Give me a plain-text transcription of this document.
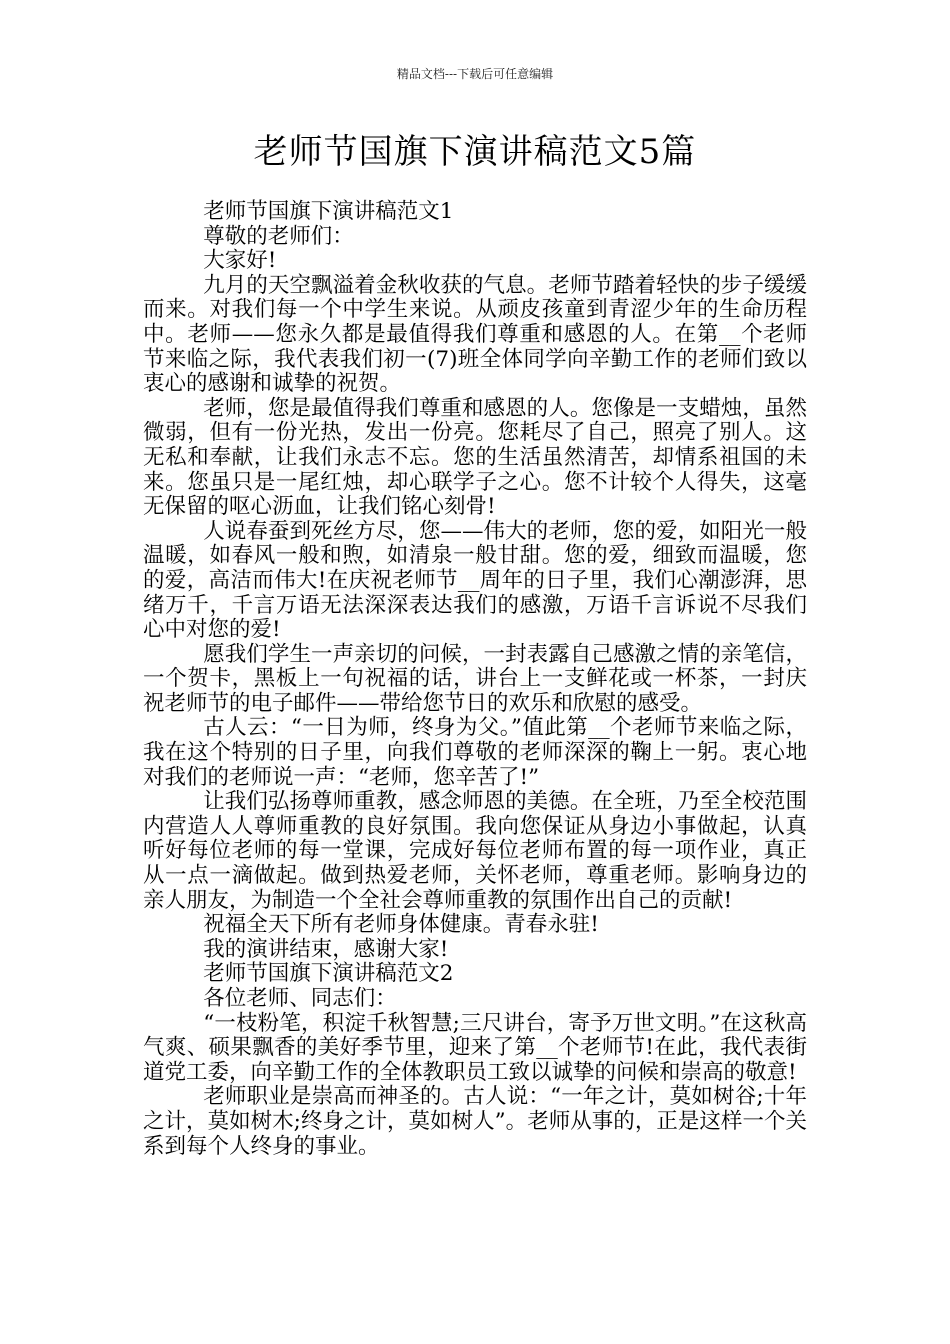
精品文档---下载后可任意编辑
老师节国旗下演讲稿范文5篇

老师节国旗下演讲稿范文1

尊敬的老师们：

大家好!

九月的天空飘溢着金秋收获的气息。老师节踏着轻快的步子缓缓而来。对我们每一个中学生来说。从顽皮孩童到青涩少年的生命历程中。老师——您永久都是最值得我们尊重和感恩的人。在第__个老师节来临之际，我代表我们初一(7)班全体同学向辛勤工作的老师们致以衷心的感谢和诚挚的祝贺。

老师，您是最值得我们尊重和感恩的人。您像是一支蜡烛，虽然微弱，但有一份光热，发出一份亮。您耗尽了自己，照亮了别人。这无私和奉献，让我们永志不忘。您的生活虽然清苦，却情系祖国的未来。您虽只是一尾红烛，却心联学子之心。您不计较个人得失，这毫无保留的呕心沥血，让我们铭心刻骨!

人说春蚕到死丝方尽，您——伟大的老师，您的爱，如阳光一般温暖，如春风一般和煦，如清泉一般甘甜。您的爱，细致而温暖，您的爱，高洁而伟大!在庆祝老师节__周年的日子里，我们心潮澎湃，思绪万千，千言万语无法深深表达我们的感激，万语千言诉说不尽我们心中对您的爱!

愿我们学生一声亲切的问候，一封表露自己感激之情的亲笔信，一个贺卡，黑板上一句祝福的话，讲台上一支鲜花或一杯茶，一封庆祝老师节的电子邮件——带给您节日的欢乐和欣慰的感受。

古人云：“一日为师，终身为父。”值此第__个老师节来临之际，我在这个特别的日子里，向我们尊敬的老师深深的鞠上一躬。衷心地对我们的老师说一声：“老师，您辛苦了!”

让我们弘扬尊师重教，感念师恩的美德。在全班，乃至全校范围内营造人人尊师重教的良好氛围。我向您保证从身边小事做起，认真听好每位老师的每一堂课，完成好每位老师布置的每一项作业，真正从一点一滴做起。做到热爱老师，关怀老师，尊重老师。影响身边的亲人朋友，为制造一个全社会尊师重教的氛围作出自己的贡献!

祝福全天下所有老师身体健康。青春永驻!

我的演讲结束，感谢大家!

老师节国旗下演讲稿范文2

各位老师、同志们：

“一枝粉笔，积淀千秋智慧;三尺讲台，寄予万世文明。”在这秋高气爽、硕果飘香的美好季节里，迎来了第__个老师节!在此，我代表街道党工委，向辛勤工作的全体教职员工致以诚挚的问候和崇高的敬意!

老师职业是崇高而神圣的。古人说：“一年之计，莫如树谷;十年之计，莫如树木;终身之计，莫如树人”。老师从事的，正是这样一个关系到每个人终身的事业。
